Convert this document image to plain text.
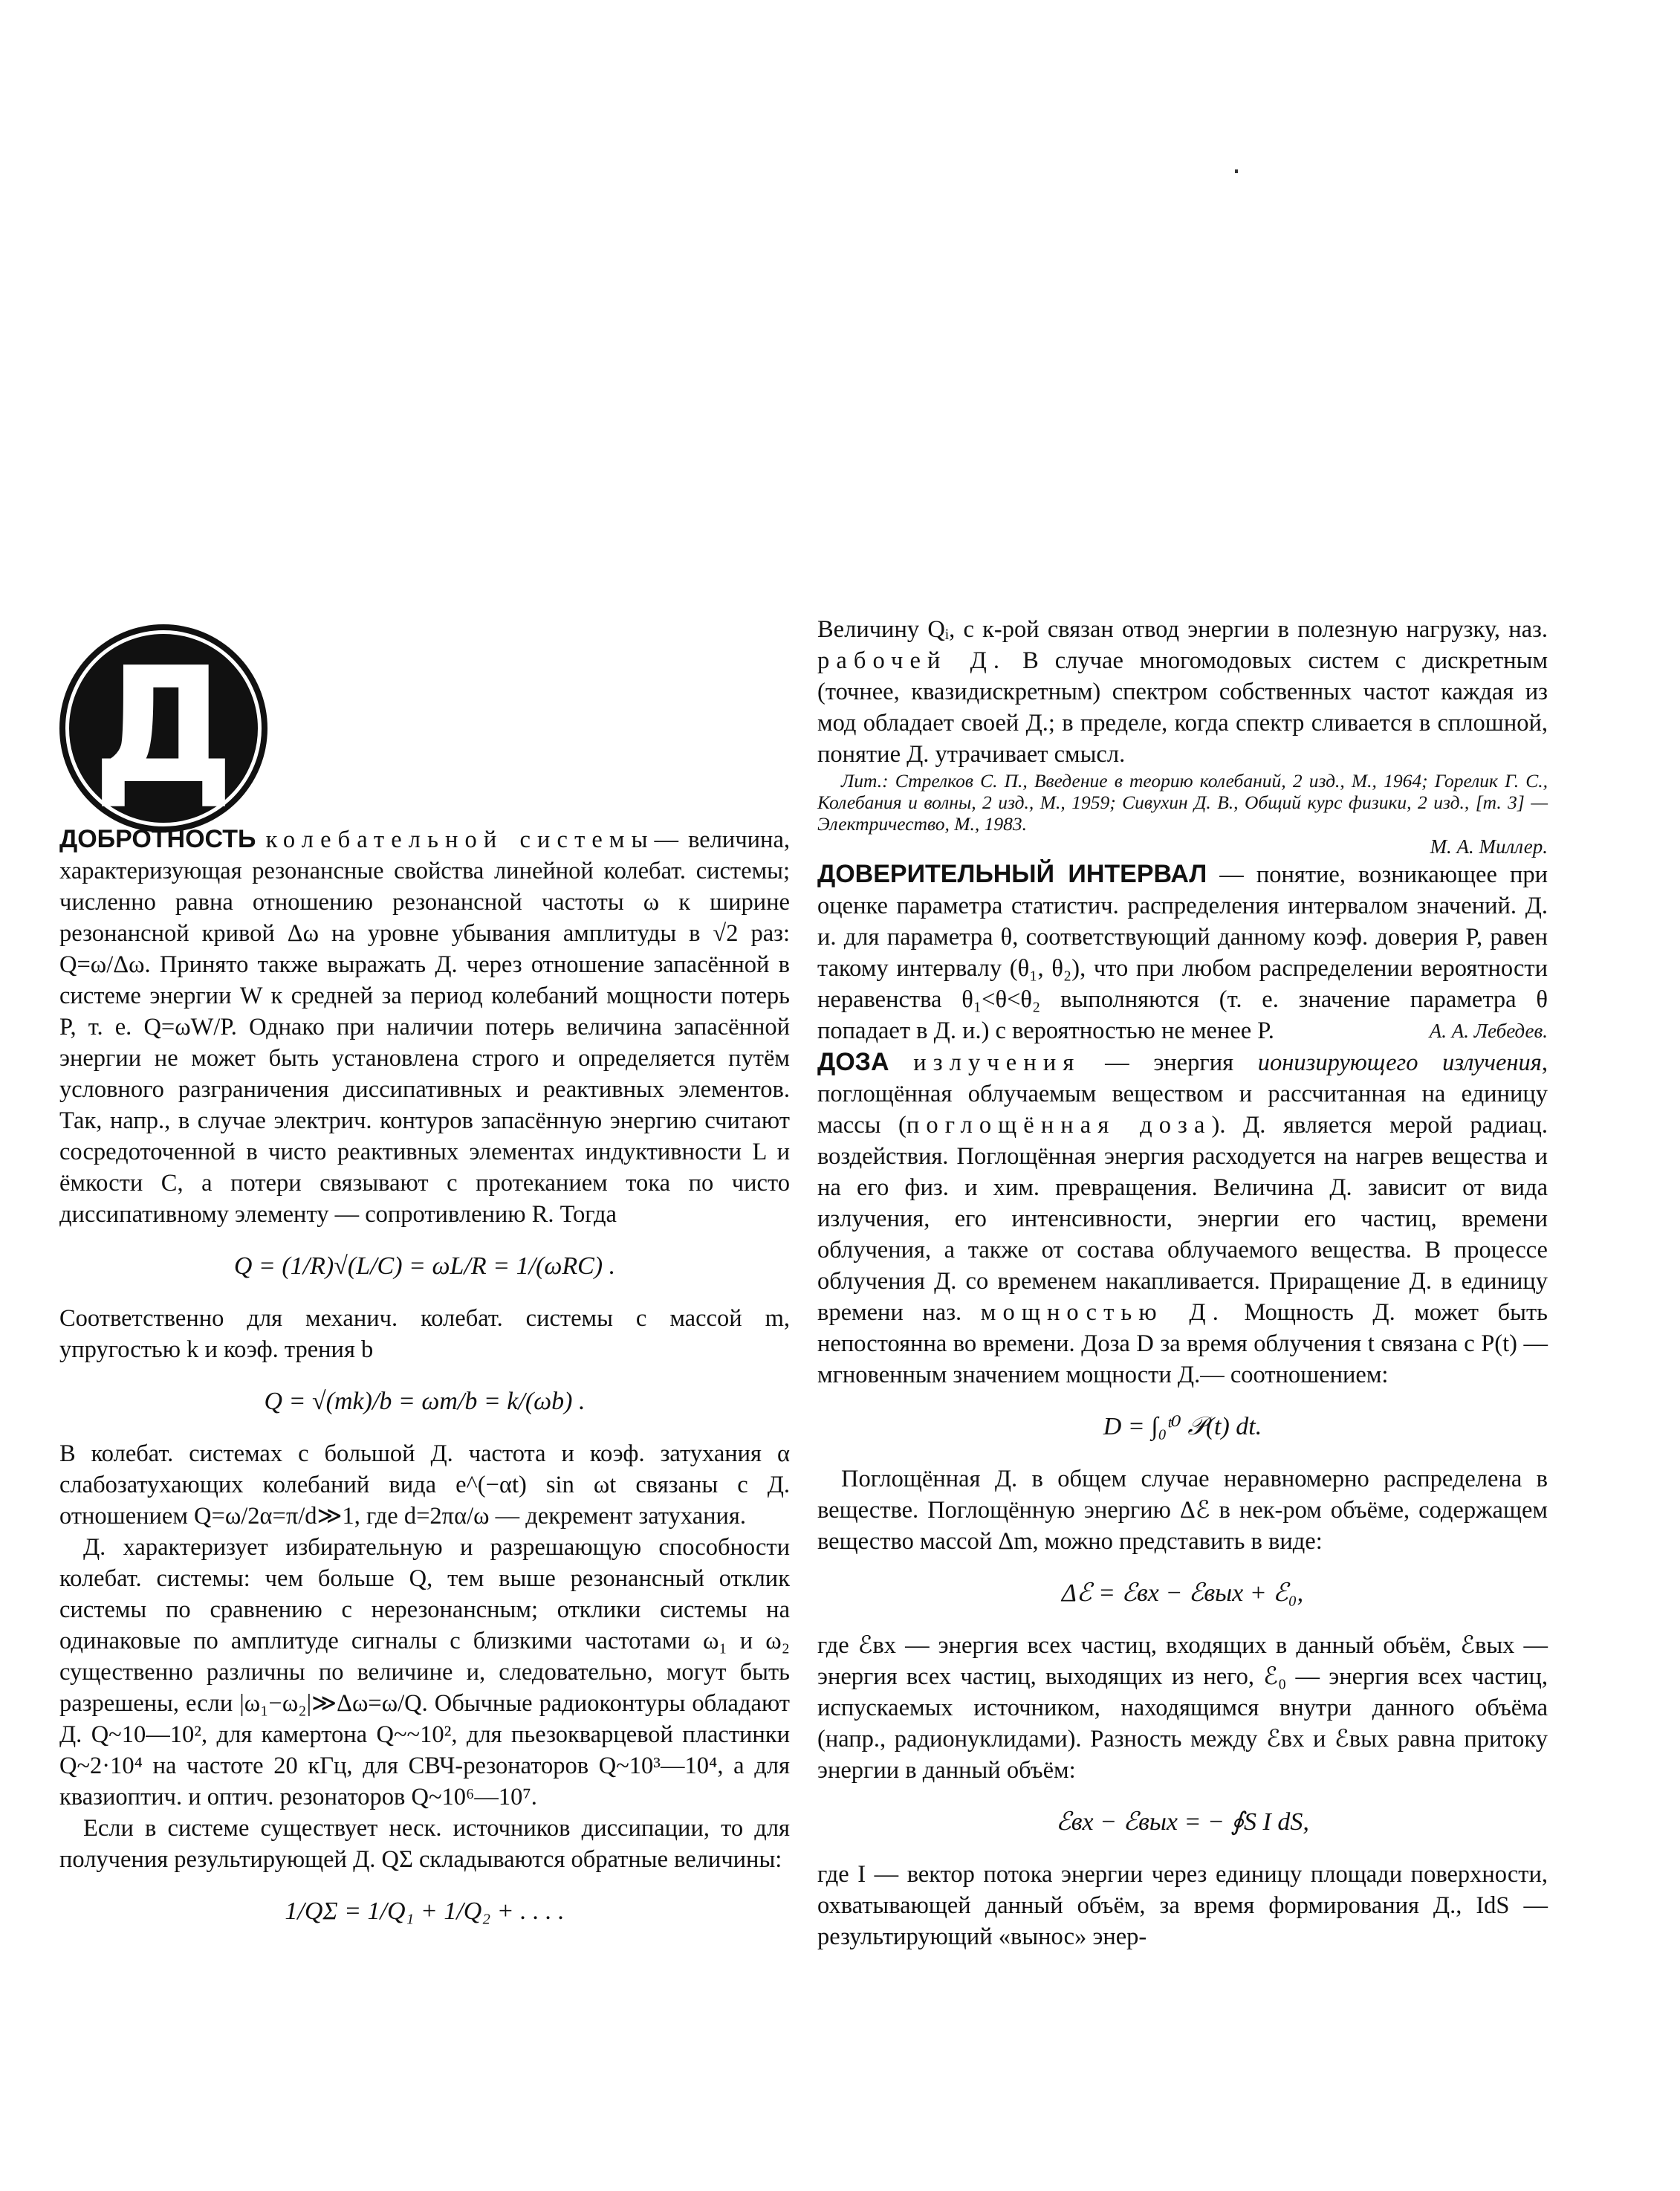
Д

ДОБРОТНОСТЬ колебательной системы— величина, характеризующая резонансные свойства линейной колебат. системы; численно равна отношению резонансной частоты ω к ширине резонансной кривой Δω на уровне убывания амплитуды в √2 раз: Q=ω/Δω. Принято также выражать Д. через отношение запасённой в системе энергии W к средней за период колебаний мощности потерь P, т. е. Q=ωW/P. Однако при наличии потерь величина запасённой энергии не может быть установлена строго и определяется путём условного разграничения диссипативных и реактивных элементов. Так, напр., в случае электрич. контуров запасённую энергию считают сосредоточенной в чисто реактивных элементах индуктивности L и ёмкости C, а потери связывают с протеканием тока по чисто диссипативному элементу — сопротивлению R. Тогда

Q = (1/R)√(L/C) = ωL/R = 1/(ωRC) .

Соответственно для механич. колебат. системы с массой m, упругостью k и коэф. трения b

Q = √(mk)/b = ωm/b = k/(ωb) .

В колебат. системах с большой Д. частота и коэф. затухания α слабозатухающих колебаний вида e^(−αt) sin ωt связаны с Д. отношением Q=ω/2α=π/d≫1, где d=2πα/ω — декремент затухания.

Д. характеризует избирательную и разрешающую способности колебат. системы: чем больше Q, тем выше резонансный отклик системы по сравнению с нерезонансным; отклики системы на одинаковые по амплитуде сигналы с близкими частотами ω₁ и ω₂ существенно различны по величине и, следовательно, могут быть разрешены, если |ω₁−ω₂|≫Δω=ω/Q. Обычные радиоконтуры обладают Д. Q~10—10², для камертона Q~~10², для пьезокварцевой пластинки Q~2·10⁴ на частоте 20 кГц, для СВЧ-резонаторов Q~10³—10⁴, а для квазиоптич. и оптич. резонаторов Q~10⁶—10⁷.

Если в системе существует неск. источников диссипации, то для получения результирующей Д. QΣ складываются обратные величины:

1/QΣ = 1/Q₁ + 1/Q₂ + . . . .

Величину Qᵢ, с к-рой связан отвод энергии в полезную нагрузку, наз. рабочей Д. В случае многомодовых систем с дискретным (точнее, квазидискретным) спектром собственных частот каждая из мод обладает своей Д.; в пределе, когда спектр сливается в сплошной, понятие Д. утрачивает смысл.

Лит.: Стрелков С. П., Введение в теорию колебаний, 2 изд., М., 1964; Горелик Г. С., Колебания и волны, 2 изд., М., 1959; Сивухин Д. В., Общий курс физики, 2 изд., [т. 3] — Электричество, М., 1983.

М. А. Миллер.

ДОВЕРИТЕЛЬНЫЙ ИНТЕРВАЛ — понятие, возникающее при оценке параметра статистич. распределения интервалом значений. Д. и. для параметра θ, соответствующий данному коэф. доверия P, равен такому интервалу (θ₁, θ₂), что при любом распределении вероятности неравенства θ₁<θ<θ₂ выполняются (т. е. значение параметра θ попадает в Д. и.) с вероятностью не менее P.	А. А. Лебедев.

ДОЗА излучения — энергия ионизирующего излучения, поглощённая облучаемым веществом и рассчитанная на единицу массы (поглощённая доза). Д. является мерой радиац. воздействия. Поглощённая энергия расходуется на нагрев вещества и на его физ. и хим. превращения. Величина Д. зависит от вида излучения, его интенсивности, энергии его частиц, времени облучения, а также от состава облучаемого вещества. В процессе облучения Д. со временем накапливается. Приращение Д. в единицу времени наз. мощностью Д. Мощность Д. может быть непостоянна во времени. Доза D за время облучения t связана с P(t) — мгновенным значением мощности Д.— соотношением:

D = ∫₀ᵗ⁰ 𝒫(t) dt.

Поглощённая Д. в общем случае неравномерно распределена в веществе. Поглощённую энергию Δℰ в нек-ром объёме, содержащем вещество массой Δm, можно представить в виде:

Δℰ = ℰвх − ℰвых + ℰ₀,

где ℰвх — энергия всех частиц, входящих в данный объём, ℰвых — энергия всех частиц, выходящих из него, ℰ₀ — энергия всех частиц, испускаемых источником, находящимся внутри данного объёма (напр., радионуклидами). Разность между ℰвх и ℰвых равна притоку энергии в данный объём:

ℰвх − ℰвых = − ∮S I dS,

где I — вектор потока энергии через единицу площади поверхности, охватывающей данный объём, за время формирования Д., IdS — результирующий «вынос» энер-
